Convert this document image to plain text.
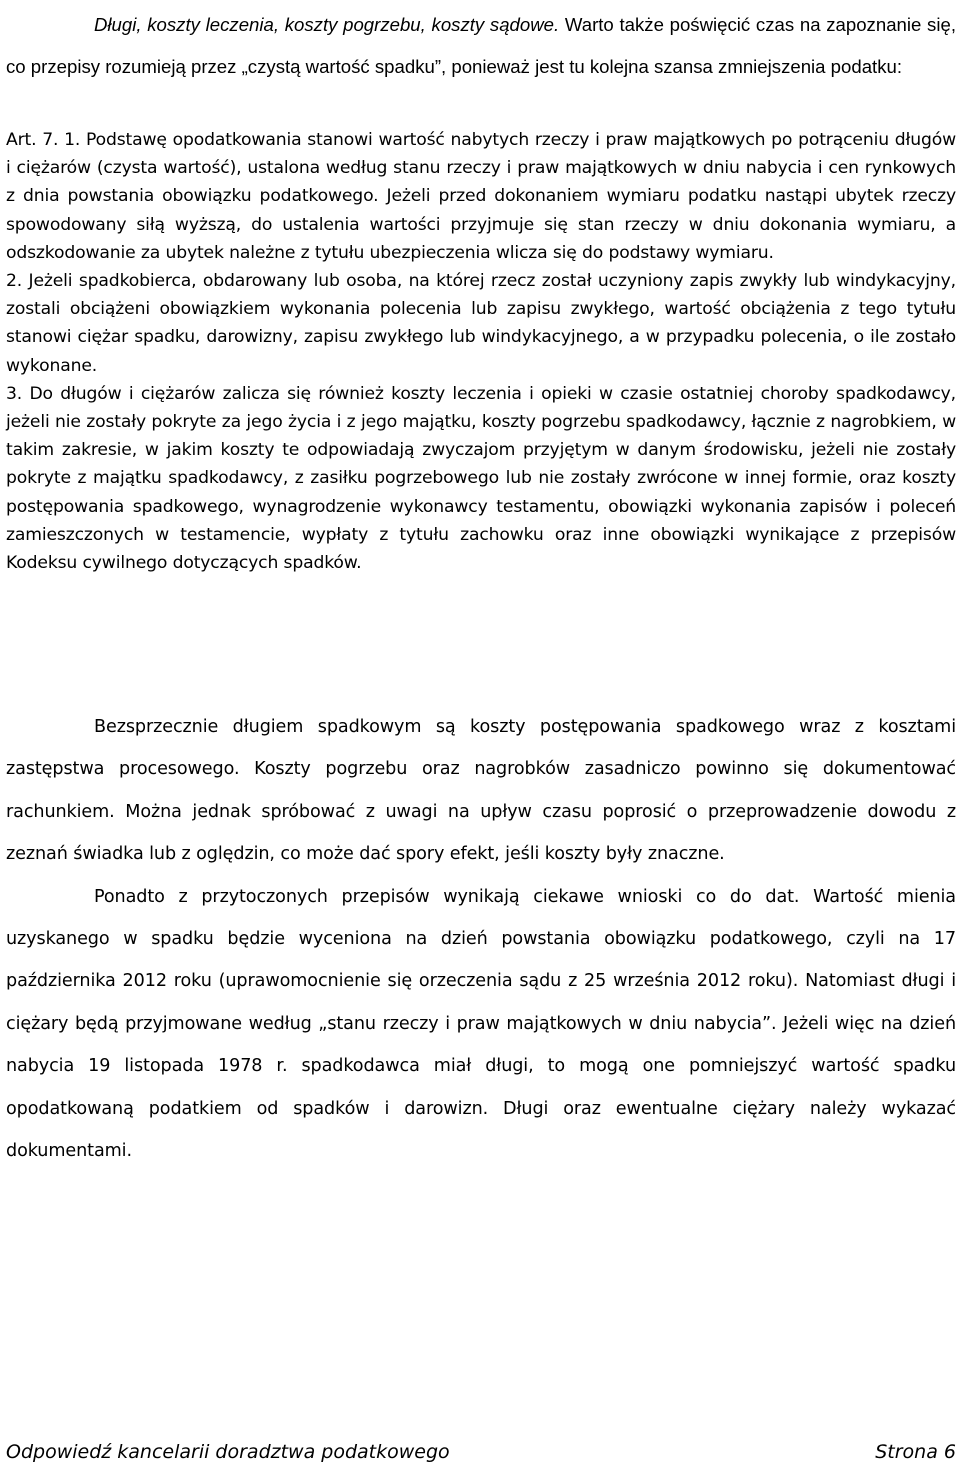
Długi, koszty leczenia, koszty pogrzebu, koszty sądowe. Warto także poświęcić czas na zapoznanie się, co przepisy rozumieją przez „czystą wartość spadku”, ponieważ jest tu kolejna szansa zmniejszenia podatku:

Art. 7. 1. Podstawę opodatkowania stanowi wartość nabytych rzeczy i praw majątkowych po potrąceniu długów i ciężarów (czysta wartość), ustalona według stanu rzeczy i praw majątkowych w dniu nabycia i cen rynkowych z dnia powstania obowiązku podatkowego. Jeżeli przed dokonaniem wymiaru podatku nastąpi ubytek rzeczy spowodowany siłą wyższą, do ustalenia wartości przyjmuje się stan rzeczy w dniu dokonania wymiaru, a odszkodowanie za ubytek należne z tytułu ubezpieczenia wlicza się do podstawy wymiaru.

2. Jeżeli spadkobierca, obdarowany lub osoba, na której rzecz został uczyniony zapis zwykły lub windykacyjny, zostali obciążeni obowiązkiem wykonania polecenia lub zapisu zwykłego, wartość obciążenia z tego tytułu stanowi ciężar spadku, darowizny, zapisu zwykłego lub windykacyjnego, a w przypadku polecenia, o ile zostało wykonane.

3. Do długów i ciężarów zalicza się również koszty leczenia i opieki w czasie ostatniej choroby spadkodawcy, jeżeli nie zostały pokryte za jego życia i z jego majątku, koszty pogrzebu spadkodawcy, łącznie z nagrobkiem, w takim zakresie, w jakim koszty te odpowiadają zwyczajom przyjętym w danym środowisku, jeżeli nie zostały pokryte z majątku spadkodawcy, z zasiłku pogrzebowego lub nie zostały zwrócone w innej formie, oraz koszty postępowania spadkowego, wynagrodzenie wykonawcy testamentu, obowiązki wykonania zapisów i poleceń zamieszczonych w testamencie, wypłaty z tytułu zachowku oraz inne obowiązki wynikające z przepisów Kodeksu cywilnego dotyczących spadków.

Bezsprzecznie długiem spadkowym są koszty postępowania spadkowego wraz z kosztami zastępstwa procesowego. Koszty pogrzebu oraz nagrobków zasadniczo powinno się dokumentować rachunkiem. Można jednak spróbować z uwagi na upływ czasu poprosić o przeprowadzenie dowodu z zeznań świadka lub z oględzin, co może dać spory efekt, jeśli koszty były znaczne.

Ponadto z przytoczonych przepisów wynikają ciekawe wnioski co do dat. Wartość mienia uzyskanego w spadku będzie wyceniona na dzień powstania obowiązku podatkowego, czyli na 17 października 2012 roku (uprawomocnienie się orzeczenia sądu z 25 września 2012 roku). Natomiast długi i ciężary będą przyjmowane według „stanu rzeczy i praw majątkowych w dniu nabycia”. Jeżeli więc na dzień nabycia 19 listopada 1978 r. spadkodawca miał długi, to mogą one pomniejszyć wartość spadku opodatkowaną podatkiem od spadków i darowizn. Długi oraz ewentualne ciężary należy wykazać dokumentami.

Odpowiedź kancelarii doradztwa podatkowego	Strona 6
